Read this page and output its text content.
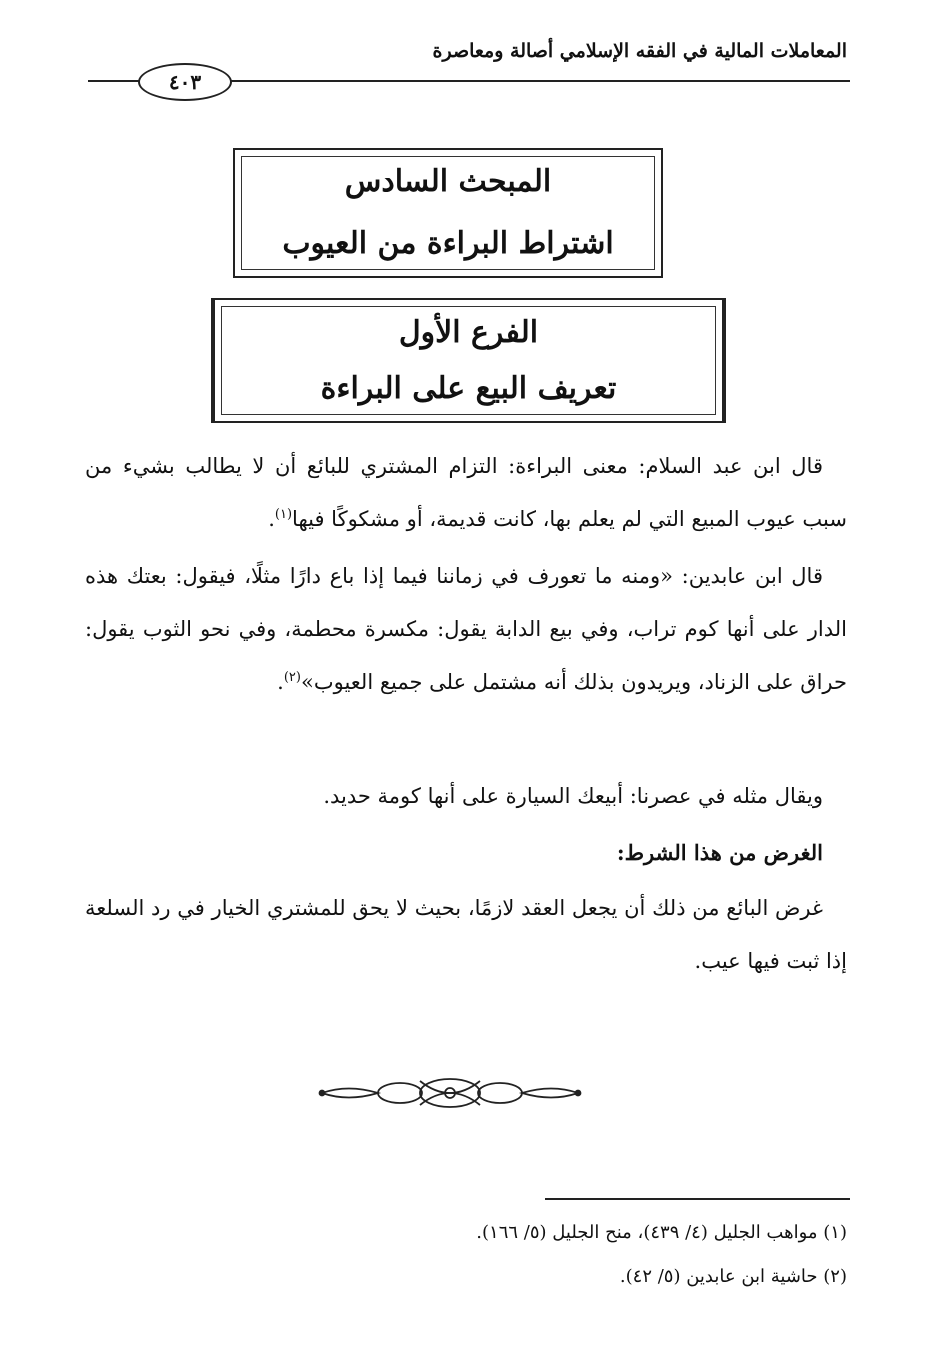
المعاملات المالية في الفقه الإسلامي أصالة ومعاصرة
٤٠٣
المبحث السادس
اشتراط البراءة من العيوب
الفرع الأول
تعريف البيع على البراءة

قال ابن عبد السلام: معنى البراءة: التزام المشتري للبائع أن لا يطالب بشيء من سبب عيوب المبيع التي لم يعلم بها، كانت قديمة، أو مشكوكًا فيها$^{(١)}$.

قال ابن عابدين: «ومنه ما تعورف في زماننا فيما إذا باع دارًا مثلًا، فيقول: بعتك هذه الدار على أنها كوم تراب، وفي بيع الدابة يقول: مكسرة محطمة، وفي نحو الثوب يقول: حراق على الزناد، ويريدون بذلك أنه مشتمل على جميع العيوب»$^{(٢)}$.

ويقال مثله في عصرنا: أبيعك السيارة على أنها كومة حديد.

الغرض من هذا الشرط:

غرض البائع من ذلك أن يجعل العقد لازمًا، بحيث لا يحق للمشتري الخيار في رد السلعة إذا ثبت فيها عيب.

(١) مواهب الجليل (٤/ ٤٣٩)، منح الجليل (٥/ ١٦٦).

(٢) حاشية ابن عابدين (٥/ ٤٢).
